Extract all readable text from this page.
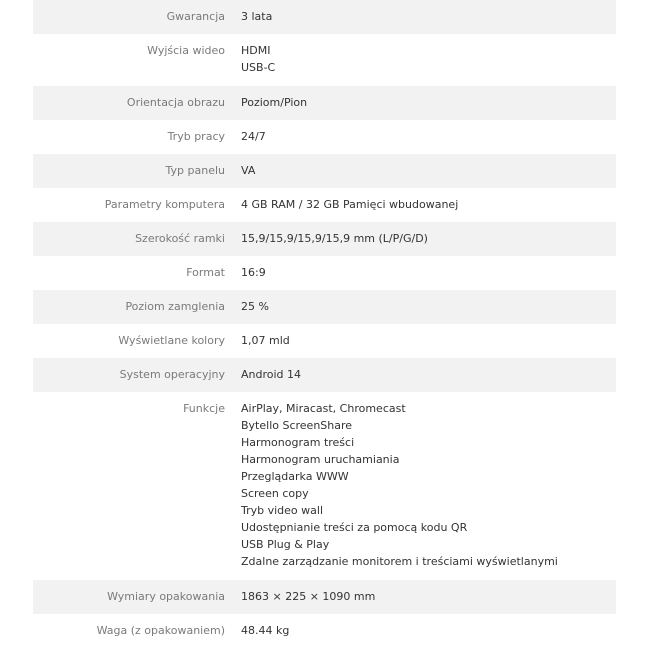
Gwarancja	3 lata
Wyjścia wideo	HDMI
USB-C
Orientacja obrazu	Poziom/Pion
Tryb pracy	24/7
Typ panelu	VA
Parametry komputera	4 GB RAM / 32 GB Pamięci wbudowanej
Szerokość ramki	15,9/15,9/15,9/15,9 mm (L/P/G/D)
Format	16:9
Poziom zamglenia	25 %
Wyświetlane kolory	1,07 mld
System operacyjny	Android 14
Funkcje	AirPlay, Miracast, Chromecast
Bytello ScreenShare
Harmonogram treści
Harmonogram uruchamiania
Przeglądarka WWW
Screen copy
Tryb video wall
Udostępnianie treści za pomocą kodu QR
USB Plug & Play
Zdalne zarządzanie monitorem i treściami wyświetlanymi
Wymiary opakowania	1863 × 225 × 1090 mm
Waga (z opakowaniem)	48.44 kg
